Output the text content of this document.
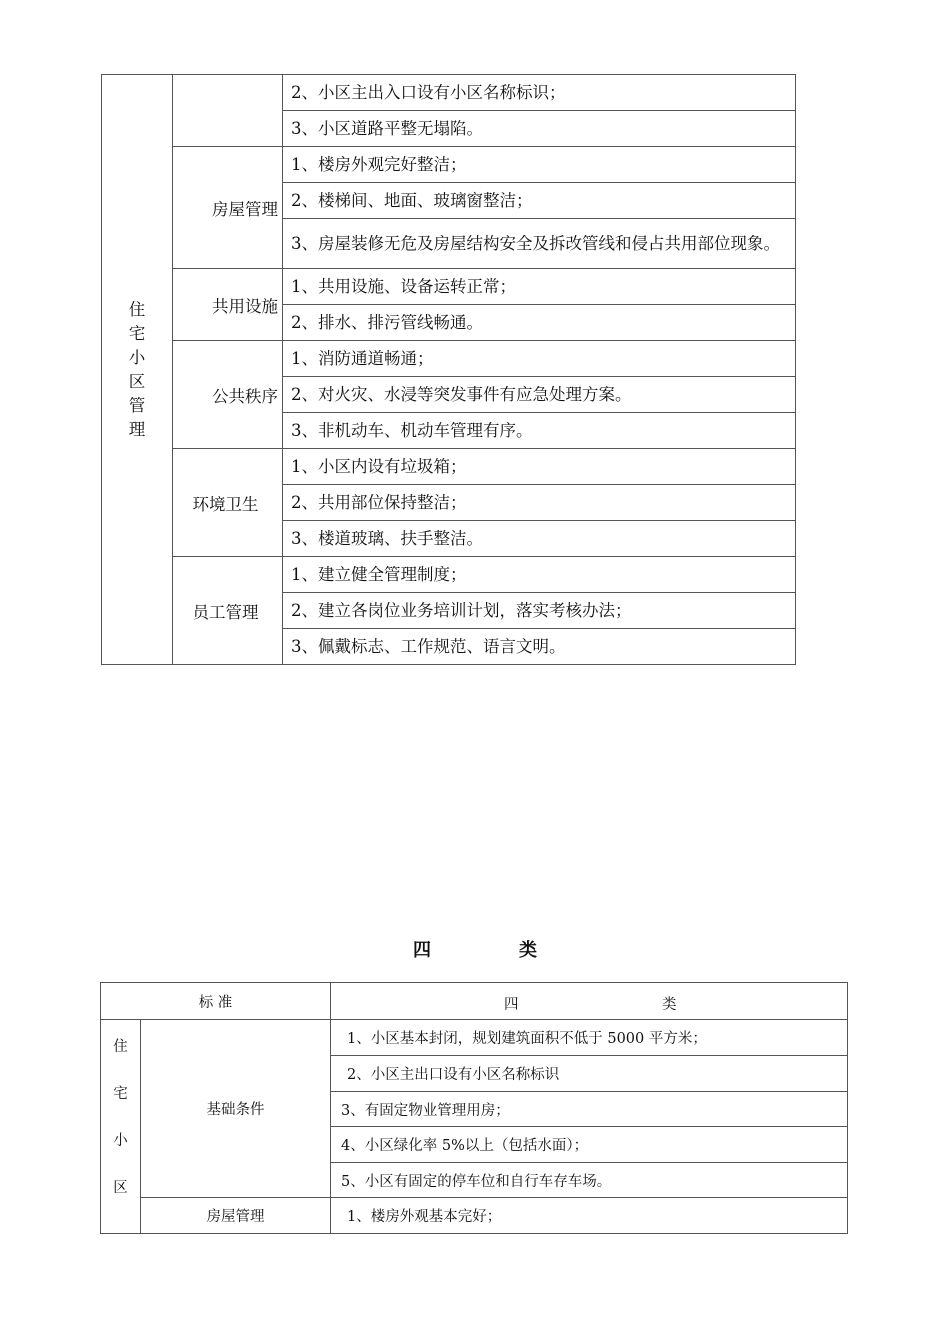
住宅小区管理		2、小区主出入口设有小区名称标识；
		3、小区道路平整无塌陷。
	房屋管理	1、楼房外观完好整洁；
		2、楼梯间、地面、玻璃窗整洁；
		3、房屋装修无危及房屋结构安全及拆改管线和侵占共用部位现象。
	共用设施	1、共用设施、设备运转正常；
		2、排水、排污管线畅通。
	公共秩序	1、消防通道畅通；
		2、对火灾、水浸等突发事件有应急处理方案。
		3、非机动车、机动车管理有序。
	环境卫生	1、小区内设有垃圾箱；
		2、共用部位保持整洁；
		3、楼道玻璃、扶手整洁。
	员工管理	1、建立健全管理制度；
		2、建立各岗位业务培训计划，落实考核办法；
		3、佩戴标志、工作规范、语言文明。
四	类
标 准		四 类

住
宅
小
区	基础条件	1、小区基本封闭，规划建筑面积不低于 5000 平方米；
		2、小区主出口设有小区名称标识
		3、有固定物业管理用房；
		4、小区绿化率 5%以上（包括水面）；
		5、小区有固定的停车位和自行车存车场。
	房屋管理	1、楼房外观基本完好；
